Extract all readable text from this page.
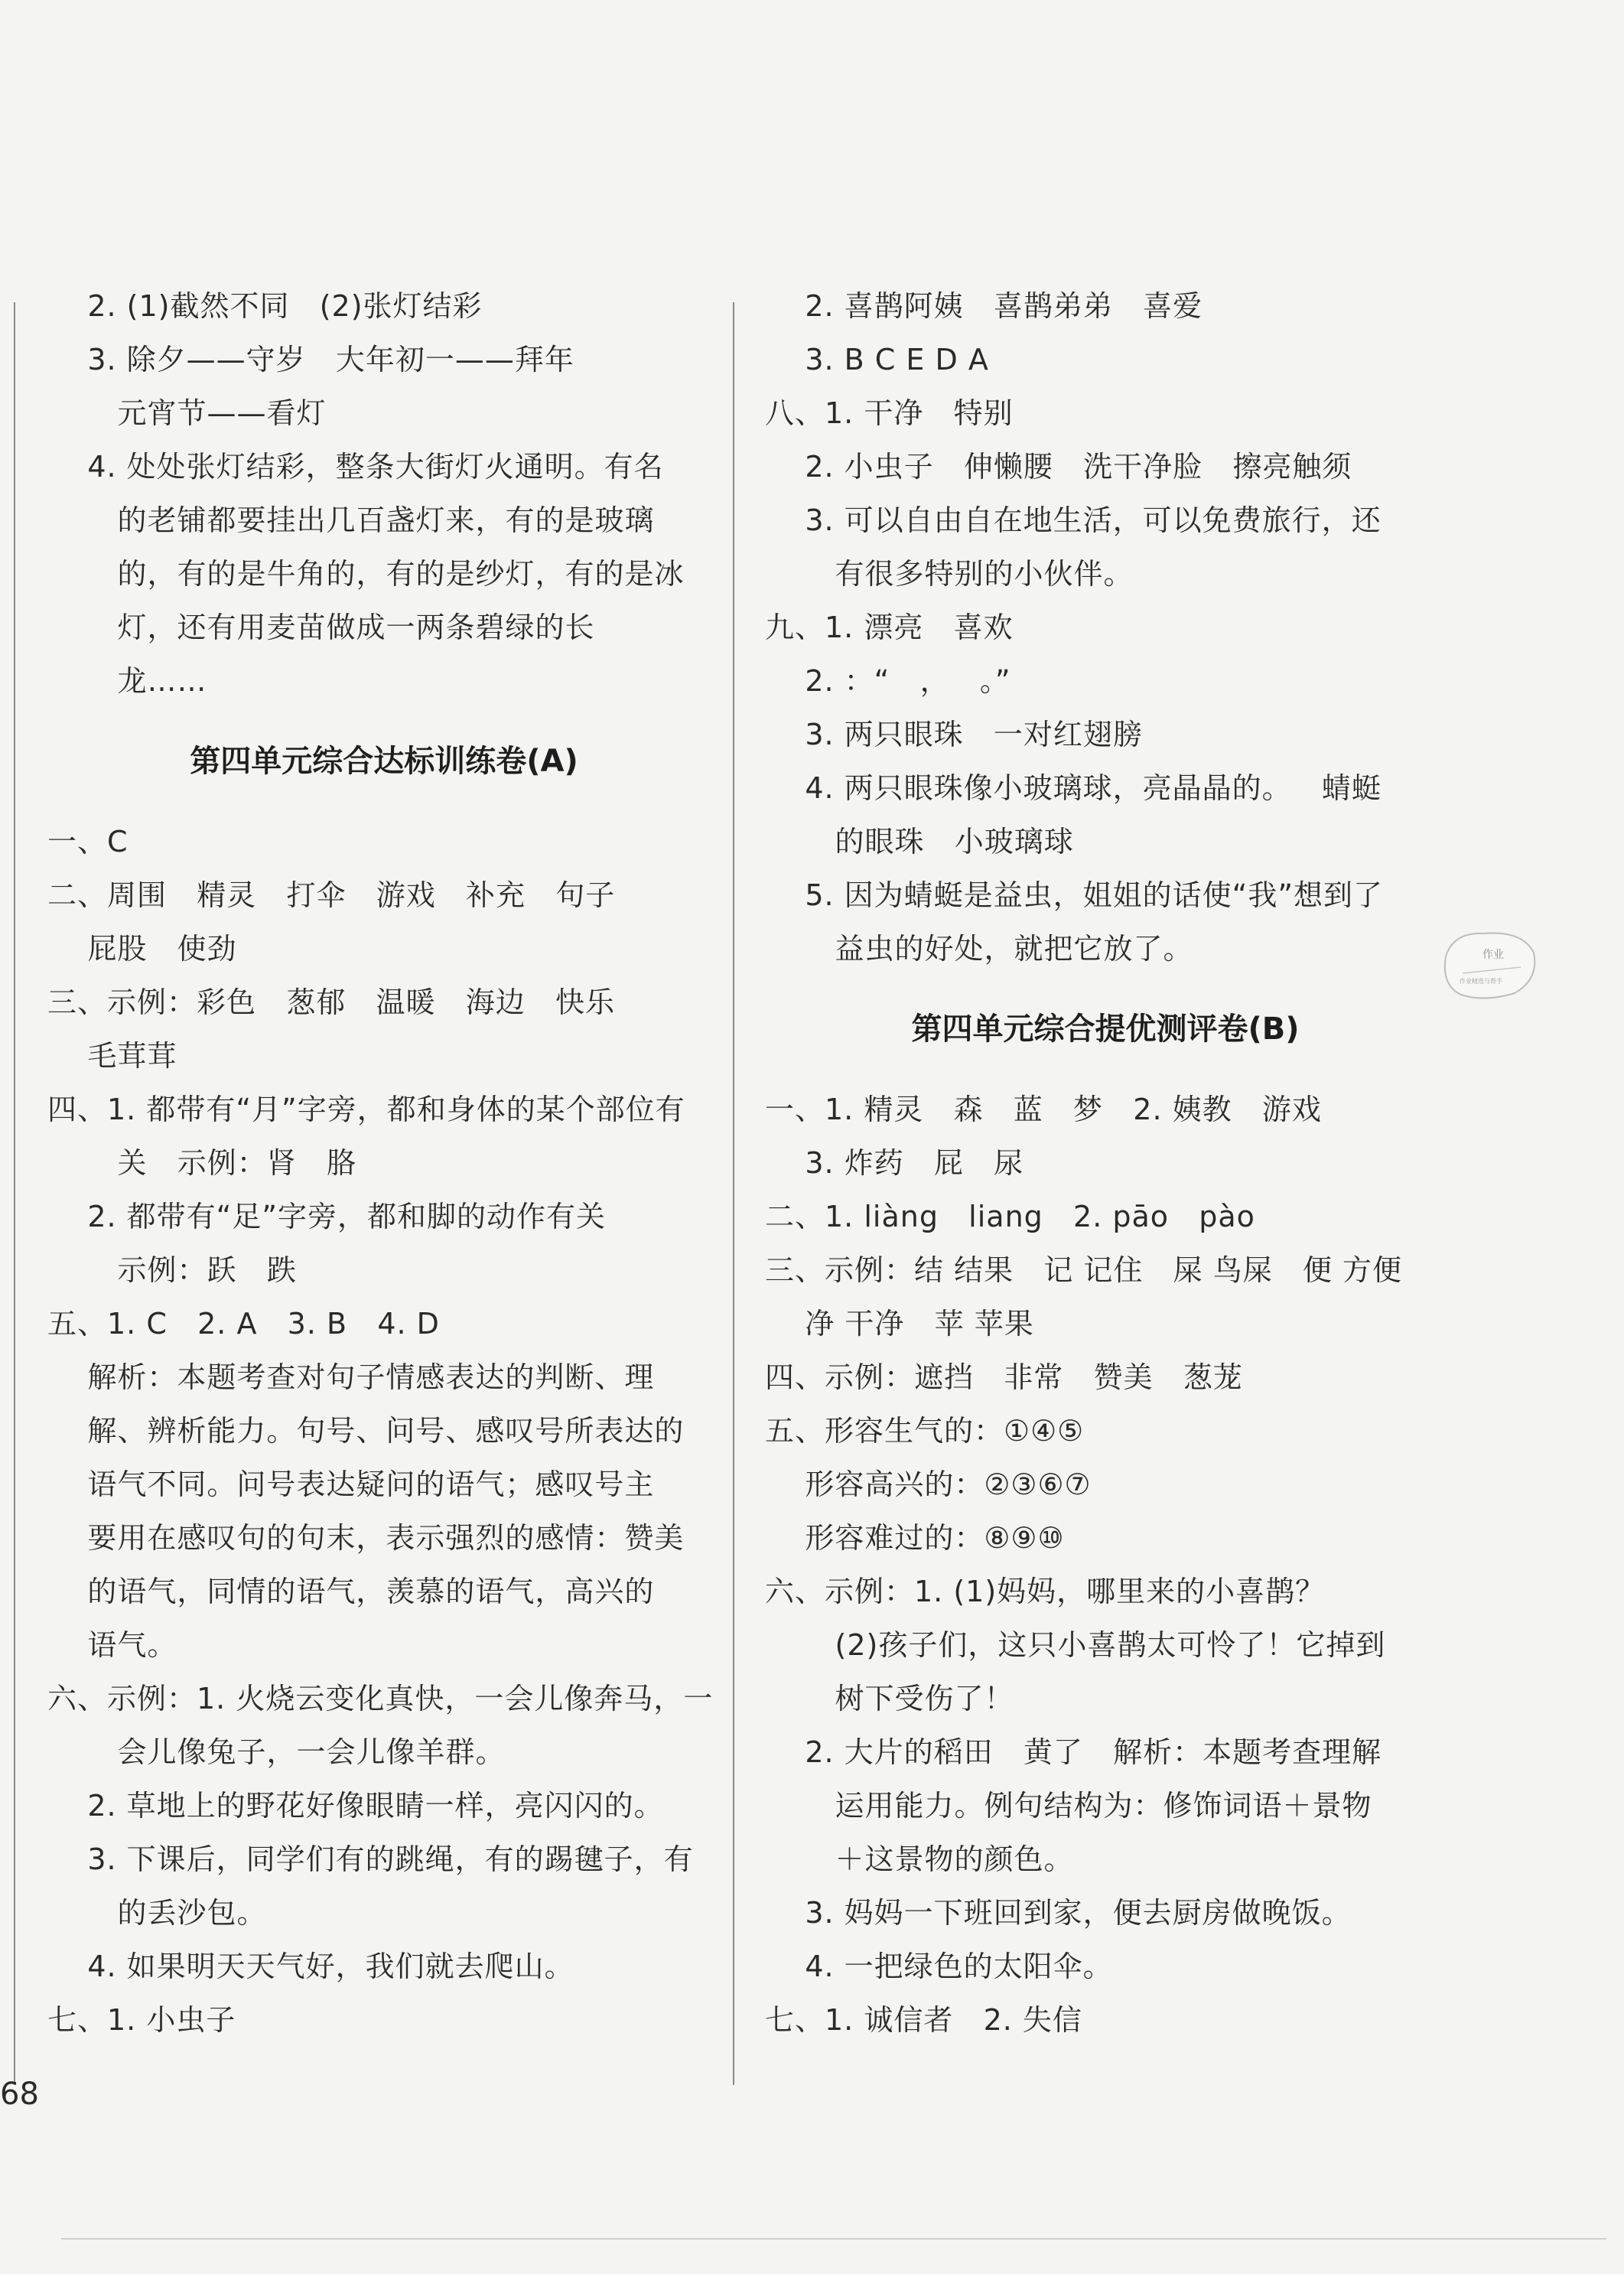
2. (1)截然不同   (2)张灯结彩
3. 除夕——守岁   大年初一——拜年
元宵节——看灯
4. 处处张灯结彩，整条大街灯火通明。有名
的老铺都要挂出几百盏灯来，有的是玻璃
的，有的是牛角的，有的是纱灯，有的是冰
灯，还有用麦苗做成一两条碧绿的长
龙……
第四单元综合达标训练卷(A)
一、C
二、周围   精灵   打伞   游戏   补充   句子
屁股   使劲
三、示例：彩色   葱郁   温暖   海边   快乐
毛茸茸
四、1. 都带有“月”字旁，都和身体的某个部位有
关   示例：肾   胳
2. 都带有“足”字旁，都和脚的动作有关
示例：跃   跌
五、1. C   2. A   3. B   4. D
解析：本题考查对句子情感表达的判断、理
解、辨析能力。句号、问号、感叹号所表达的
语气不同。问号表达疑问的语气；感叹号主
要用在感叹句的句末，表示强烈的感情：赞美
的语气，同情的语气，羡慕的语气，高兴的
语气。
六、示例：1. 火烧云变化真快，一会儿像奔马，一
会儿像兔子，一会儿像羊群。
2. 草地上的野花好像眼睛一样，亮闪闪的。
3. 下课后，同学们有的跳绳，有的踢毽子，有
的丢沙包。
4. 如果明天天气好，我们就去爬山。
七、1. 小虫子
2. 喜鹊阿姨   喜鹊弟弟   喜爱
3. B C E D A
八、1. 干净   特别
2. 小虫子   伸懒腰   洗干净脸   擦亮触须
3. 可以自由自在地生活，可以免费旅行，还
有很多特别的小伙伴。
九、1. 漂亮   喜欢
2. ：“   ，   。”
3. 两只眼珠   一对红翅膀
4. 两只眼珠像小玻璃球，亮晶晶的。   蜻蜓
的眼珠   小玻璃球
5. 因为蜻蜓是益虫，姐姐的话使“我”想到了
益虫的好处，就把它放了。
第四单元综合提优测评卷(B)
一、1. 精灵   森   蓝   梦   2. 姨教   游戏
3. 炸药   屁   尿
二、1. liàng   liang   2. pāo   pào
三、示例：结 结果   记 记住   屎 鸟屎   便 方便
净 干净   苹 苹果
四、示例：遮挡   非常   赞美   葱茏
五、形容生气的：①④⑤
形容高兴的：②③⑥⑦
形容难过的：⑧⑨⑩
六、示例：1. (1)妈妈，哪里来的小喜鹊？
(2)孩子们，这只小喜鹊太可怜了！它掉到
树下受伤了！
2. 大片的稻田   黄了   解析：本题考查理解
运用能力。例句结构为：修饰词语＋景物
＋这景物的颜色。
3. 妈妈一下班回到家，便去厨房做晚饭。
4. 一把绿色的太阳伞。
七、1. 诚信者   2. 失信
作业
作业精选与帮手
68
